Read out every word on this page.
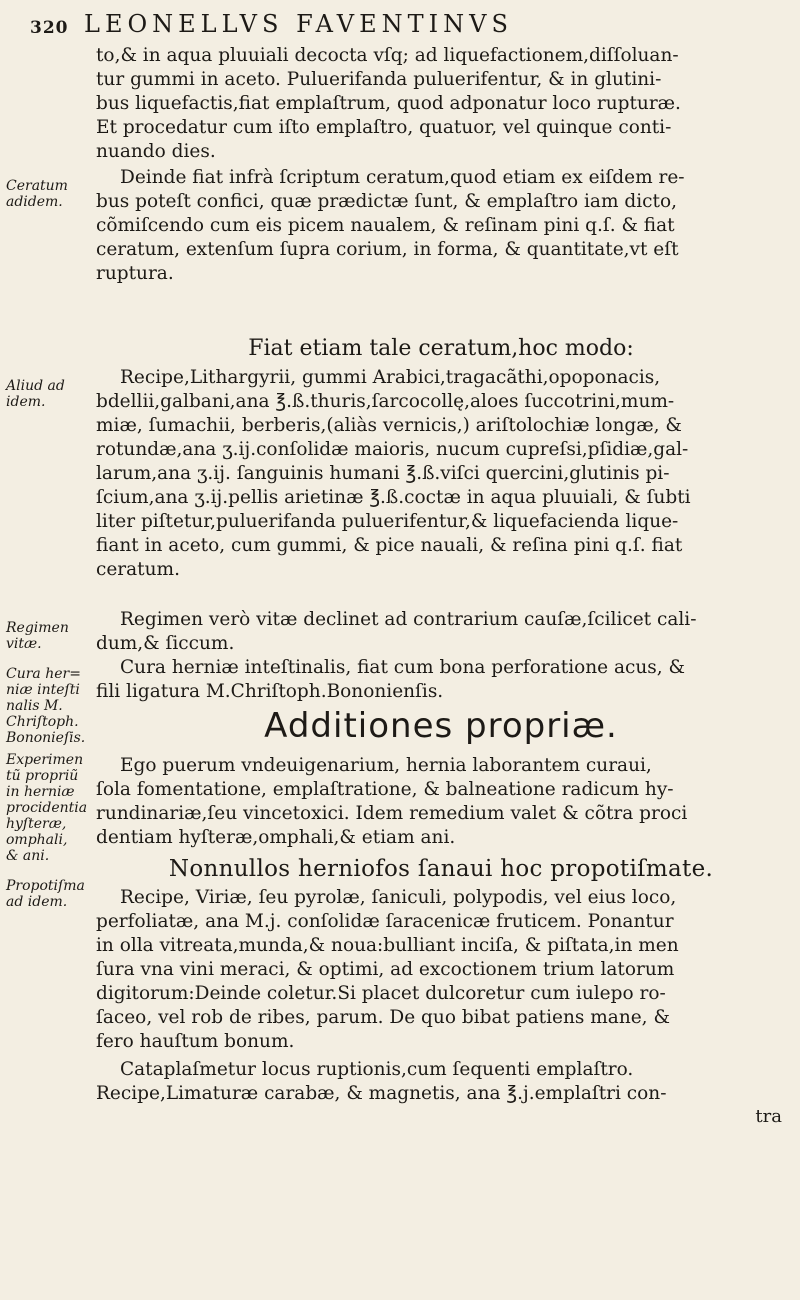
320 LEONELLVS FAVENTINVS
Ceratum
adidem.
Aliud ad
idem.
Regimen
vitæ.
Cura her=
niæ inteſti
nalis M.
Chriſtoph.
Bononieſis.
Experimen
tũ propriũ
in herniæ
procidentia
hyſteræ,
omphali,
& ani.
Propotiſma
ad idem.
to,& in aqua pluuiali decocta vſq; ad liquefactionem,diſſoluan-
tur gummi in aceto. Puluerifanda puluerifentur, & in glutini-
bus liquefactis,fiat emplaſtrum, quod adponatur loco rupturæ.
Et procedatur cum iſto emplaſtro, quatuor, vel quinque conti-
nuando dies.
Deinde fiat infrà ſcriptum ceratum,quod etiam ex eiſdem re-
bus poteſt confici, quæ prædictæ ſunt, & emplaſtro iam dicto,
cõmiſcendo cum eis picem naualem, & reſinam pini q.ſ. & fiat
ceratum, extenſum ſupra corium, in forma, & quantitate,vt eſt
ruptura.
Fiat etiam tale ceratum,hoc modo:
Recipe,Lithargyrii, gummi Arabici,tragacãthi,opoponacis,
bdellii,galbani,ana ℥.ß.thuris,ſarcocollę,aloes ſuccotrini,mum-
miæ, ſumachii, berberis,(aliàs vernicis,) ariſtolochiæ longæ, &
rotundæ,ana ʒ.ij.conſolidæ maioris, nucum cupreſsi,pſidiæ,gal-
larum,ana ʒ.ij. ſanguinis humani ℥.ß.viſci quercini,glutinis pi-
ſcium,ana ʒ.ij.pellis arietinæ ℥.ß.coctæ in aqua pluuiali, & ſubti
liter piſtetur,puluerifanda puluerifentur,& liquefacienda lique-
fiant in aceto, cum gummi, & pice nauali, & reſina pini q.ſ. fiat
ceratum.
Regimen verò vitæ declinet ad contrarium cauſæ,ſcilicet cali-
dum,& ſiccum.
Cura herniæ inteſtinalis, fiat cum bona perforatione acus, &
fili ligatura M.Chriſtoph.Bononienſis.
Additiones propriæ.
Ego puerum vndeuigenarium, hernia laborantem curaui,
ſola fomentatione, emplaſtratione, & balneatione radicum hy-
rundinariæ,ſeu vincetoxici. Idem remedium valet & cõtra proci
dentiam hyſteræ,omphali,& etiam ani.
Nonnullos herniofos ſanaui hoc propotiſmate.
Recipe, Viriæ, ſeu pyrolæ, ſaniculi, polypodis, vel eius loco,
perfoliatæ, ana M.j. conſolidæ ſaracenicæ fruticem. Ponantur
in olla vitreata,munda,& noua:bulliant inciſa, & piſtata,in men
ſura vna vini meraci, & optimi, ad excoctionem trium latorum
digitorum:Deinde coletur.Si placet dulcoretur cum iulepo ro-
ſaceo, vel rob de ribes, parum. De quo bibat patiens mane, &
fero hauſtum bonum.
Cataplaſmetur locus ruptionis,cum ſequenti emplaſtro.
Recipe,Limaturæ carabæ, & magnetis, ana ℥.j.emplaſtri con-
tra
